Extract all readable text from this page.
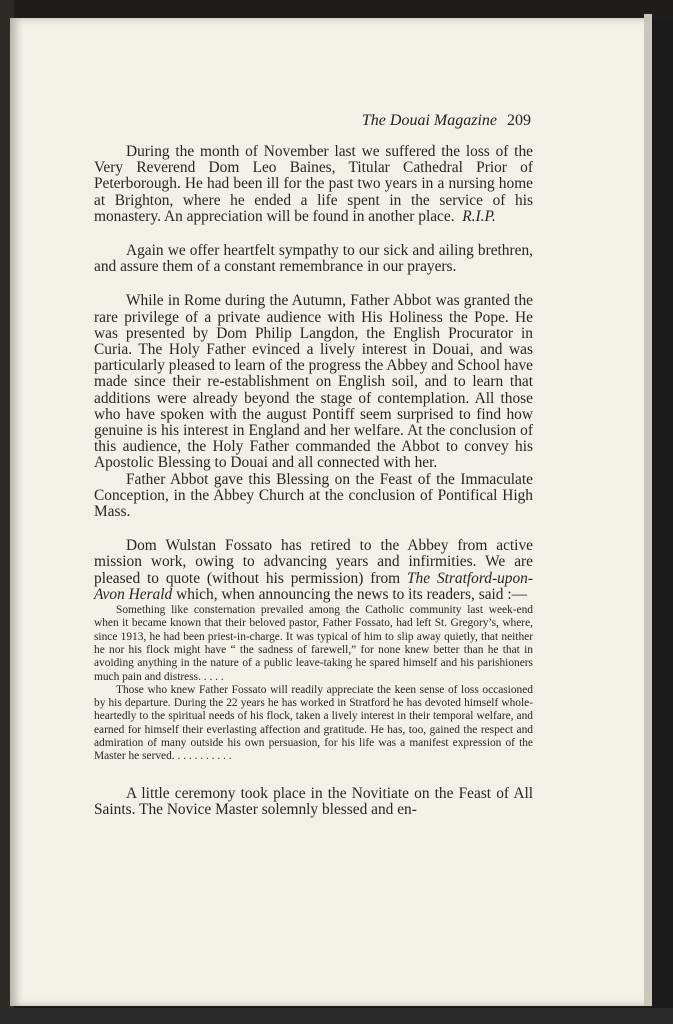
The Douai Magazine 209

During the month of November last we suffered the loss of the Very Reverend Dom Leo Baines, Titular Cathedral Prior of Peterborough. He had been ill for the past two years in a nursing home at Brighton, where he ended a life spent in the service of his monastery. An appreciation will be found in another place. R.I.P.

Again we offer heartfelt sympathy to our sick and ailing brethren, and assure them of a constant remembrance in our prayers.

While in Rome during the Autumn, Father Abbot was granted the rare privilege of a private audience with His Holiness the Pope. He was presented by Dom Philip Langdon, the English Procurator in Curia. The Holy Father evinced a lively interest in Douai, and was particularly pleased to learn of the progress the Abbey and School have made since their re-establishment on English soil, and to learn that additions were already beyond the stage of contemplation. All those who have spoken with the august Pontiff seem surprised to find how genuine is his interest in England and her welfare. At the conclusion of this audience, the Holy Father commanded the Abbot to convey his Apostolic Blessing to Douai and all connected with her.

Father Abbot gave this Blessing on the Feast of the Immaculate Conception, in the Abbey Church at the conclusion of Pontifical High Mass.

Dom Wulstan Fossato has retired to the Abbey from active mission work, owing to advancing years and infirmities. We are pleased to quote (without his permission) from The Stratford-upon-Avon Herald which, when announcing the news to its readers, said :—

Something like consternation prevailed among the Catholic community last week-end when it became known that their beloved pastor, Father Fossato, had left St. Gregory’s, where, since 1913, he had been priest-in-charge. It was typical of him to slip away quietly, that neither he nor his flock might have “ the sadness of farewell,” for none knew better than he that in avoiding anything in the nature of a public leave-taking he spared himself and his parishioners much pain and distress. . . . .

Those who knew Father Fossato will readily appreciate the keen sense of loss occasioned by his departure. During the 22 years he has worked in Stratford he has devoted himself whole-heartedly to the spiritual needs of his flock, taken a lively interest in their temporal welfare, and earned for himself their everlasting affection and gratitude. He has, too, gained the respect and admiration of many outside his own persuasion, for his life was a manifest expression of the Master he served. . . . . . . . . . .

A little ceremony took place in the Novitiate on the Feast of All Saints. The Novice Master solemnly blessed and en-
